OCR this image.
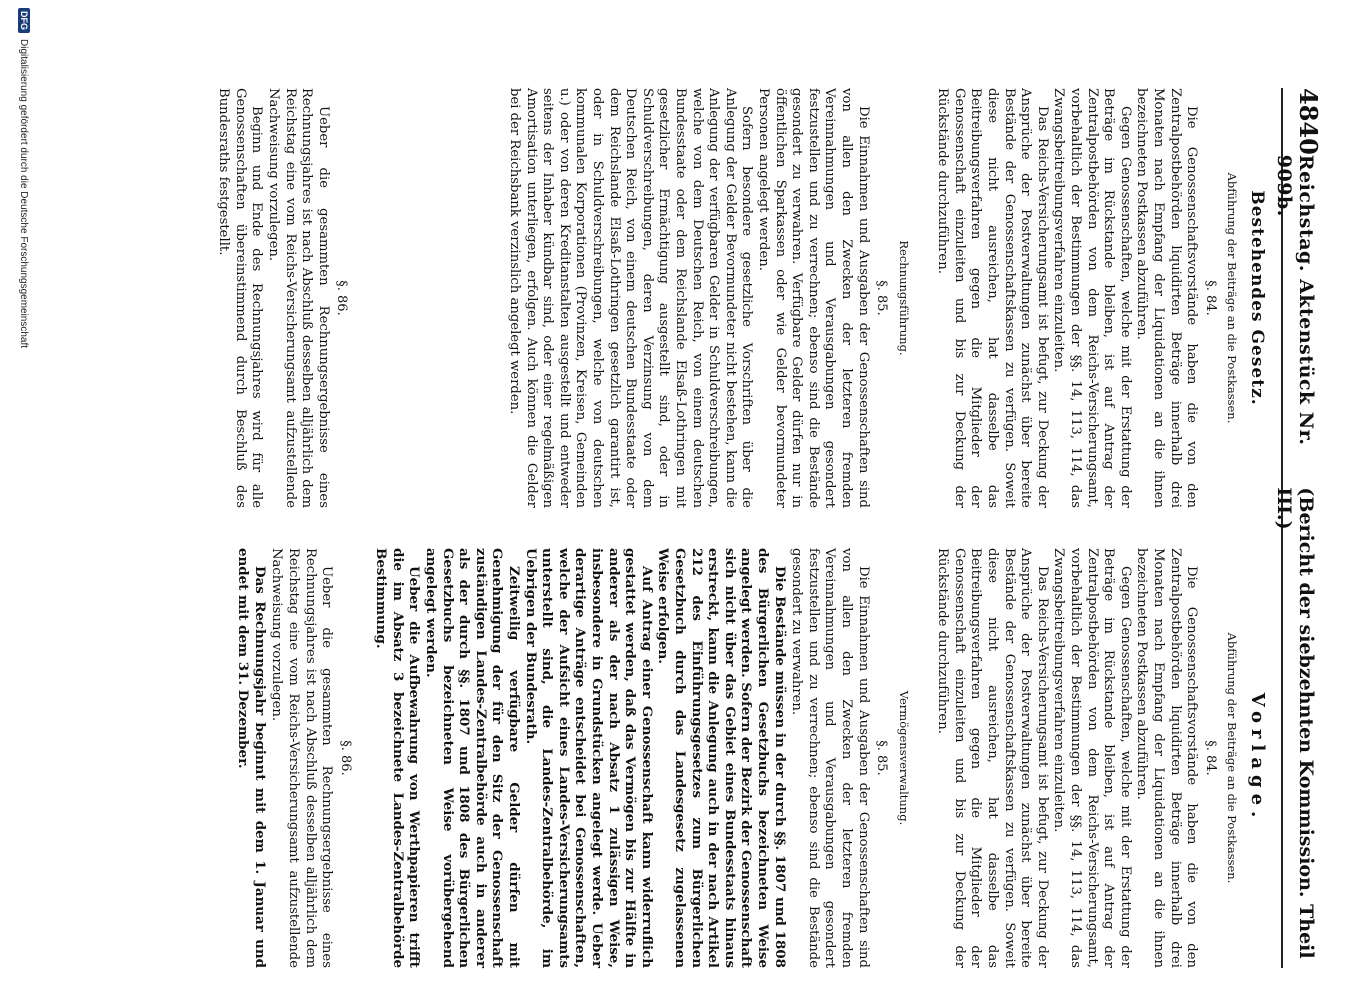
4840
Reichstag. Aktenstück Nr. 909b.
(Bericht der siebzehnten Kommission. Theil III.)
Bestehendes Gesetz.
Abführung der Beiträge an die Postkassen.
§. 84.

Die Genossenschaftsvorstände haben die von den Zentralpostbehörden liquidirten Beträge innerhalb drei Monaten nach Empfang der Liquidationen an die ihnen bezeichneten Postkassen abzuführen.

Gegen Genossenschaften, welche mit der Erstattung der Beträge im Rückstande bleiben, ist auf Antrag der Zentralpostbehörden von dem Reichs-Versicherungsamt, vorbehaltlich der Bestimmungen der §§. 14, 113, 114, das Zwangsbeitreibungsverfahren einzuleiten.

Das Reichs-Versicherungsamt ist befugt, zur Deckung der Ansprüche der Postverwaltungen zunächst über bereite Bestände der Genossenschaftskassen zu verfügen. Soweit diese nicht ausreichen, hat dasselbe das Beitreibungsverfahren gegen die Mitglieder der Genossenschaft einzuleiten und bis zur Deckung der Rückstände durchzuführen.

Rechnungsführung.
§. 85.

Die Einnahmen und Ausgaben der Genossenschaften sind von allen den Zwecken der letzteren fremden Vereinnahmungen und Verausgabungen gesondert festzustellen und zu verrechnen; ebenso sind die Bestände gesondert zu verwahren. Verfügbare Gelder dürfen nur in öffentlichen Sparkassen oder wie Gelder bevormundeter Personen angelegt werden.

Sofern besondere gesetzliche Vorschriften über die Anlegung der Gelder Bevormundeter nicht bestehen, kann die Anlegung der verfügbaren Gelder in Schuldverschreibungen, welche von dem Deutschen Reich, von einem deutschen Bundesstaate oder dem Reichslande Elsaß-Lothringen mit gesetzlicher Ermächtigung ausgestellt sind, oder in Schuldverschreibungen, deren Verzinsung von dem Deutschen Reich, von einem deutschen Bundesstaate oder dem Reichslande Elsaß-Lothringen gesetzlich garantirt ist, oder in Schuldverschreibungen, welche von deutschen kommunalen Korporationen (Provinzen, Kreisen, Gemeinden u.) oder von deren Kreditanstalten ausgestellt und entweder seitens der Inhaber kündbar sind, oder einer regelmäßigen Amortisation unterliegen, erfolgen. Auch können die Gelder bei der Reichsbank verzinslich angelegt werden.

§. 86.

Ueber die gesammten Rechnungsergebnisse eines Rechnungsjahres ist nach Abschluß desselben alljährlich dem Reichstag eine vom Reichs-Versicherungsamt aufzustellende Nachweisung vorzulegen.

Beginn und Ende des Rechnungsjahres wird für alle Genossenschaften übereinstimmend durch Beschluß des Bundesraths festgestellt.

Vorlage.
Abführung der Beiträge an die Postkassen.
§. 84.

Die Genossenschaftsvorstände haben die von den Zentralpostbehörden liquidirten Beträge innerhalb drei Monaten nach Empfang der Liquidationen an die ihnen bezeichneten Postkassen abzuführen.

Gegen Genossenschaften, welche mit der Erstattung der Beträge im Rückstande bleiben, ist auf Antrag der Zentralpostbehörden von dem Reichs-Versicherungsamt, vorbehaltlich der Bestimmungen der §§. 14, 113, 114, das Zwangsbeitreibungsverfahren einzuleiten.

Das Reichs-Versicherungsamt ist befugt, zur Deckung der Ansprüche der Postverwaltungen zunächst über bereite Bestände der Genossenschaftskassen zu verfügen. Soweit diese nicht ausreichen, hat dasselbe das Beitreibungsverfahren gegen die Mitglieder der Genossenschaft einzuleiten und bis zur Deckung der Rückstände durchzuführen.

Vermögensverwaltung.
§. 85.

Die Einnahmen und Ausgaben der Genossenschaften sind von allen den Zwecken der letzteren fremden Vereinnahmungen und Verausgabungen gesondert festzustellen und zu verrechnen; ebenso sind die Bestände gesondert zu verwahren.

Die Bestände müssen in der durch §§. 1807 und 1808 des Bürgerlichen Gesetzbuchs bezeichneten Weise angelegt werden. Sofern der Bezirk der Genossenschaft sich nicht über das Gebiet eines Bundesstaats hinaus erstreckt, kann die Anlegung auch in der nach Artikel 212 des Einführungsgesetzes zum Bürgerlichen Gesetzbuch durch das Landesgesetz zugelassenen Weise erfolgen.

Auf Antrag einer Genossenschaft kann widerruflich gestattet werden, daß das Vermögen bis zur Hälfte in anderer als der nach Absatz 1 zulässigen Weise, insbesondere in Grundstücken angelegt werde. Ueber derartige Anträge entscheidet bei Genossenschaften, welche der Aufsicht eines Landes-Versicherungsamts unterstellt sind, die Landes-Zentralbehörde, im Uebrigen der Bundesrath.

Zeitweilig verfügbare Gelder dürfen mit Genehmigung der für den Sitz der Genossenschaft zuständigen Landes-Zentralbehörde auch in anderer als der durch §§. 1807 und 1808 des Bürgerlichen Gesetzbuchs bezeichneten Weise vorübergehend angelegt werden.

Ueber die Aufbewahrung von Werthpapieren trifft die im Absatz 3 bezeichnete Landes-Zentralbehörde Bestimmung.

§. 86.

Ueber die gesammten Rechnungsergebnisse eines Rechnungsjahres ist nach Abschluß desselben alljährlich dem Reichstag eine vom Reichs-Versicherungsamt aufzustellende Nachweisung vorzulegen.

Das Rechnungsjahr beginnt mit dem 1. Januar und endet mit dem 31. Dezember.

DFG
Digitalisierung gefördert durch die Deutsche Forschungsgemeinschaft
